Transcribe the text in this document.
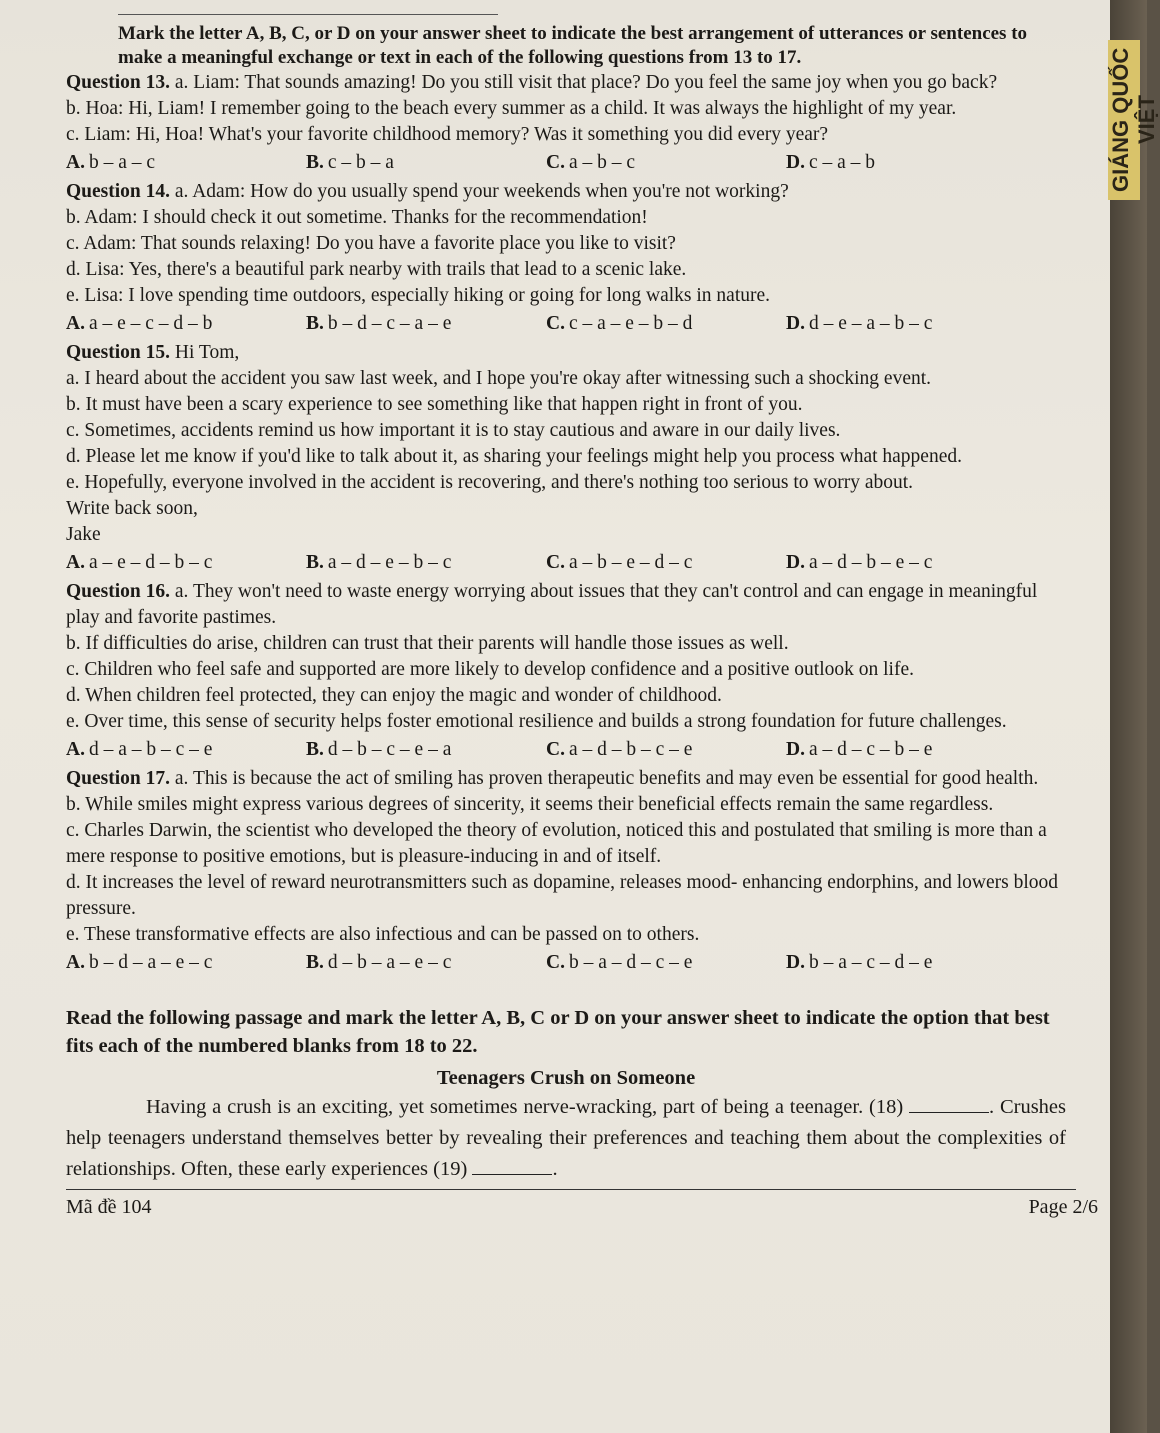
Mark the letter A, B, C, or D on your answer sheet to indicate the best arrangement of utterances or sentences to make a meaningful exchange or text in each of the following questions from 13 to 17.

Question 13. a. Liam: That sounds amazing! Do you still visit that place? Do you feel the same joy when you go back?

b. Hoa: Hi, Liam! I remember going to the beach every summer as a child. It was always the highlight of my year.

c. Liam: Hi, Hoa! What's your favorite childhood memory? Was it something you did every year?

A. b – a – c	B. c – b – a	C. a – b – c	D. c – a – b

Question 14. a. Adam: How do you usually spend your weekends when you're not working?

b. Adam: I should check it out sometime. Thanks for the recommendation!

c. Adam: That sounds relaxing! Do you have a favorite place you like to visit?

d. Lisa: Yes, there's a beautiful park nearby with trails that lead to a scenic lake.

e. Lisa: I love spending time outdoors, especially hiking or going for long walks in nature.

A. a – e – c – d – b	B. b – d – c – a – e	C. c – a – e – b – d	D. d – e – a – b – c

Question 15. Hi Tom,

a. I heard about the accident you saw last week, and I hope you're okay after witnessing such a shocking event.

b. It must have been a scary experience to see something like that happen right in front of you.

c. Sometimes, accidents remind us how important it is to stay cautious and aware in our daily lives.

d. Please let me know if you'd like to talk about it, as sharing your feelings might help you process what happened.

e. Hopefully, everyone involved in the accident is recovering, and there's nothing too serious to worry about.

Write back soon,

Jake

A. a – e – d – b – c	B. a – d – e – b – c	C. a – b – e – d – c	D. a – d – b – e – c

Question 16. a. They won't need to waste energy worrying about issues that they can't control and can engage in meaningful play and favorite pastimes.

b. If difficulties do arise, children can trust that their parents will handle those issues as well.

c. Children who feel safe and supported are more likely to develop confidence and a positive outlook on life.

d. When children feel protected, they can enjoy the magic and wonder of childhood.

e. Over time, this sense of security helps foster emotional resilience and builds a strong foundation for future challenges.

A. d – a – b – c – e	B. d – b – c – e – a	C. a – d – b – c – e	D. a – d – c – b – e

Question 17. a. This is because the act of smiling has proven therapeutic benefits and may even be essential for good health.

b. While smiles might express various degrees of sincerity, it seems their beneficial effects remain the same regardless.

c. Charles Darwin, the scientist who developed the theory of evolution, noticed this and postulated that smiling is more than a mere response to positive emotions, but is pleasure-inducing in and of itself.

d. It increases the level of reward neurotransmitters such as dopamine, releases mood- enhancing endorphins, and lowers blood pressure.

e. These transformative effects are also infectious and can be passed on to others.

A. b – d – a – e – c	B. d – b – a – e – c	C. b – a – d – c – e	D. b – a – c – d – e
Read the following passage and mark the letter A, B, C or D on your answer sheet to indicate the option that best fits each of the numbered blanks from 18 to 22.
Teenagers Crush on Someone
Having a crush is an exciting, yet sometimes nerve-wracking, part of being a teenager. (18)	. Crushes help teenagers understand themselves better by revealing their preferences and teaching them about the complexities of relationships. Often, these early experiences (19)	.
Mã đề 104	Page 2/6
GIÁNG QUỐC VIỆT
